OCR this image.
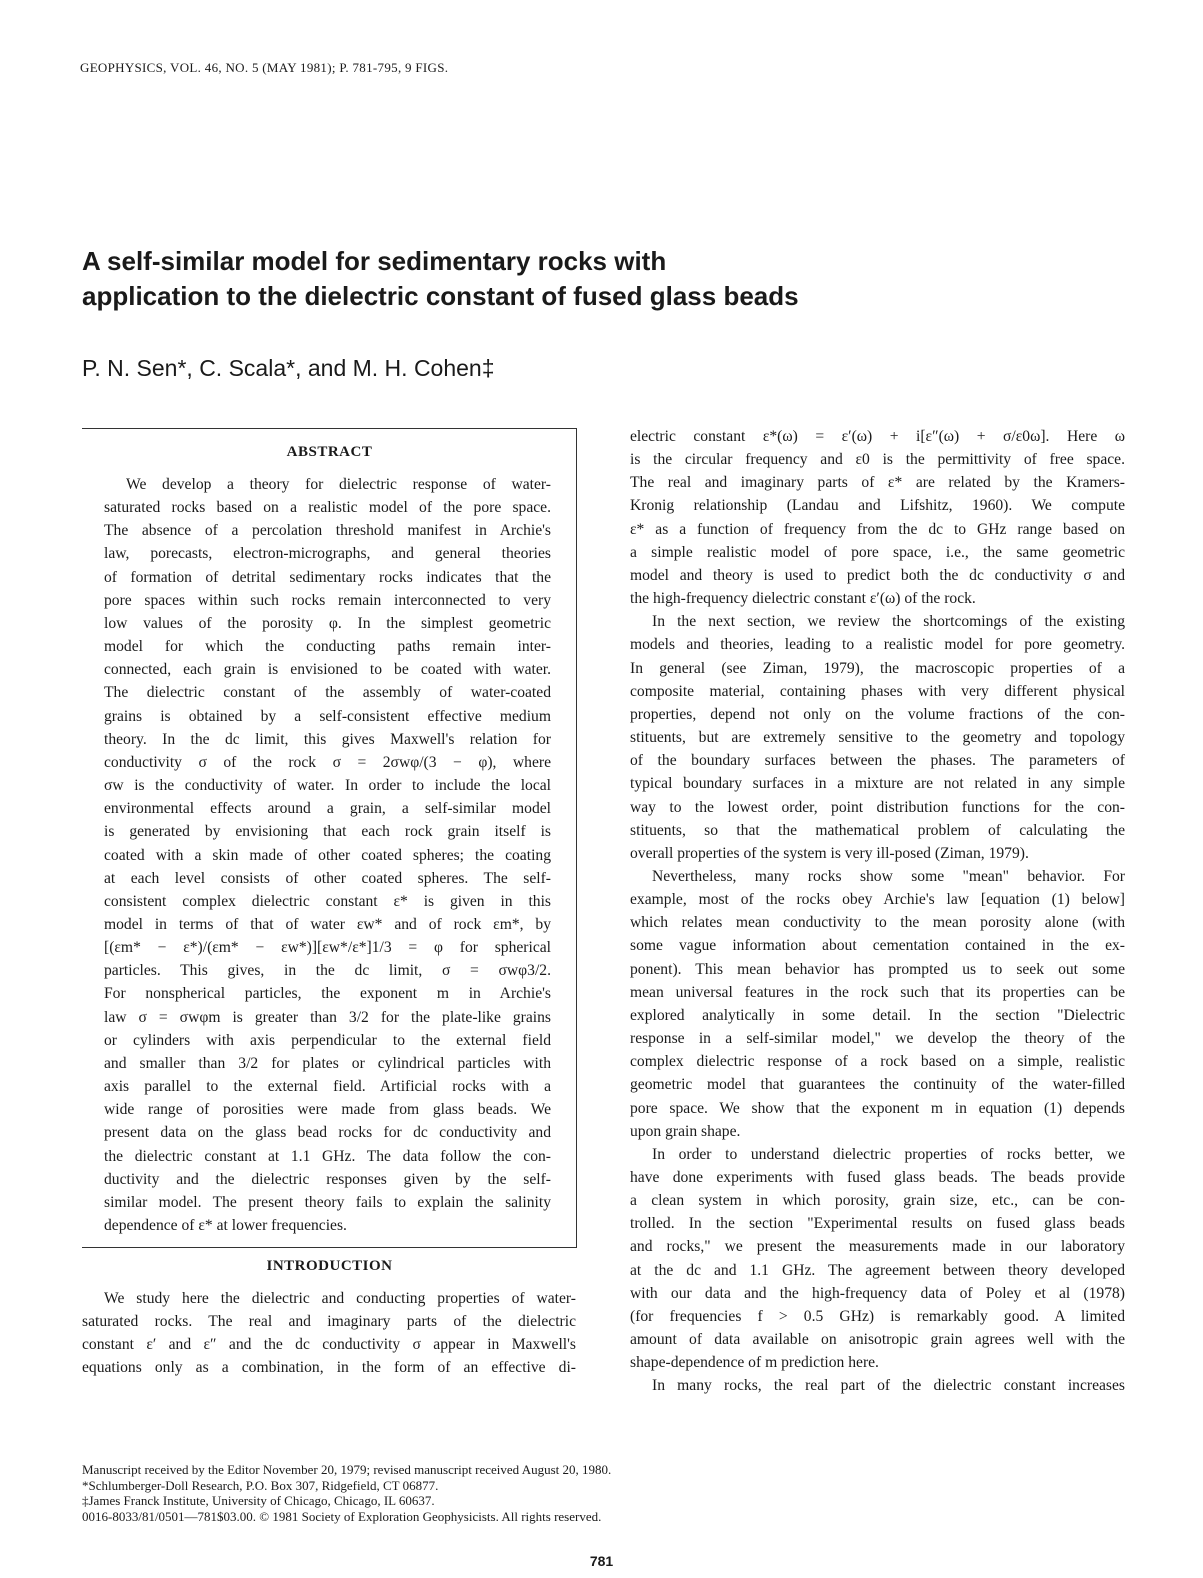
GEOPHYSICS, VOL. 46, NO. 5 (MAY 1981); P. 781-795, 9 FIGS.
A self-similar model for sedimentary rocks with
application to the dielectric constant of fused glass beads
P. N. Sen*, C. Scala*, and M. H. Cohen‡
ABSTRACT
We develop a theory for dielectric response of water-
saturated rocks based on a realistic model of the pore space.
The absence of a percolation threshold manifest in Archie's
law, porecasts, electron-micrographs, and general theories
of formation of detrital sedimentary rocks indicates that the
pore spaces within such rocks remain interconnected to very
low values of the porosity φ. In the simplest geometric
model for which the conducting paths remain inter-
connected, each grain is envisioned to be coated with water.
The dielectric constant of the assembly of water-coated
grains is obtained by a self-consistent effective medium
theory. In the dc limit, this gives Maxwell's relation for
conductivity σ of the rock σ = 2σwφ/(3 − φ), where
σw is the conductivity of water. In order to include the local
environmental effects around a grain, a self-similar model
is generated by envisioning that each rock grain itself is
coated with a skin made of other coated spheres; the coating
at each level consists of other coated spheres. The self-
consistent complex dielectric constant ε* is given in this
model in terms of that of water εw* and of rock εm*, by
[(εm* − ε*)/(εm* − εw*)][εw*/ε*]1/3 = φ for spherical
particles. This gives, in the dc limit, σ = σwφ3/2.
For nonspherical particles, the exponent m in Archie's
law σ = σwφm is greater than 3/2 for the plate-like grains
or cylinders with axis perpendicular to the external field
and smaller than 3/2 for plates or cylindrical particles with
axis parallel to the external field. Artificial rocks with a
wide range of porosities were made from glass beads. We
present data on the glass bead rocks for dc conductivity and
the dielectric constant at 1.1 GHz. The data follow the con-
ductivity and the dielectric responses given by the self-
similar model. The present theory fails to explain the salinity
dependence of ε* at lower frequencies.
INTRODUCTION
We study here the dielectric and conducting properties of water-
saturated rocks. The real and imaginary parts of the dielectric
constant ε′ and ε″ and the dc conductivity σ appear in Maxwell's
equations only as a combination, in the form of an effective di-
electric constant ε*(ω) = ε′(ω) + i[ε″(ω) + σ/ε0ω]. Here ω
is the circular frequency and ε0 is the permittivity of free space.
The real and imaginary parts of ε* are related by the Kramers-
Kronig relationship (Landau and Lifshitz, 1960). We compute
ε* as a function of frequency from the dc to GHz range based on
a simple realistic model of pore space, i.e., the same geometric
model and theory is used to predict both the dc conductivity σ and
the high-frequency dielectric constant ε′(ω) of the rock.
In the next section, we review the shortcomings of the existing
models and theories, leading to a realistic model for pore geometry.
In general (see Ziman, 1979), the macroscopic properties of a
composite material, containing phases with very different physical
properties, depend not only on the volume fractions of the con-
stituents, but are extremely sensitive to the geometry and topology
of the boundary surfaces between the phases. The parameters of
typical boundary surfaces in a mixture are not related in any simple
way to the lowest order, point distribution functions for the con-
stituents, so that the mathematical problem of calculating the
overall properties of the system is very ill-posed (Ziman, 1979).
Nevertheless, many rocks show some "mean" behavior. For
example, most of the rocks obey Archie's law [equation (1) below]
which relates mean conductivity to the mean porosity alone (with
some vague information about cementation contained in the ex-
ponent). This mean behavior has prompted us to seek out some
mean universal features in the rock such that its properties can be
explored analytically in some detail. In the section "Dielectric
response in a self-similar model," we develop the theory of the
complex dielectric response of a rock based on a simple, realistic
geometric model that guarantees the continuity of the water-filled
pore space. We show that the exponent m in equation (1) depends
upon grain shape.
In order to understand dielectric properties of rocks better, we
have done experiments with fused glass beads. The beads provide
a clean system in which porosity, grain size, etc., can be con-
trolled. In the section "Experimental results on fused glass beads
and rocks," we present the measurements made in our laboratory
at the dc and 1.1 GHz. The agreement between theory developed
with our data and the high-frequency data of Poley et al (1978)
(for frequencies f > 0.5 GHz) is remarkably good. A limited
amount of data available on anisotropic grain agrees well with the
shape-dependence of m prediction here.
In many rocks, the real part of the dielectric constant increases
Manuscript received by the Editor November 20, 1979; revised manuscript received August 20, 1980.
*Schlumberger-Doll Research, P.O. Box 307, Ridgefield, CT 06877.
‡James Franck Institute, University of Chicago, Chicago, IL 60637.
0016-8033/81/0501—781$03.00. © 1981 Society of Exploration Geophysicists. All rights reserved.
781
